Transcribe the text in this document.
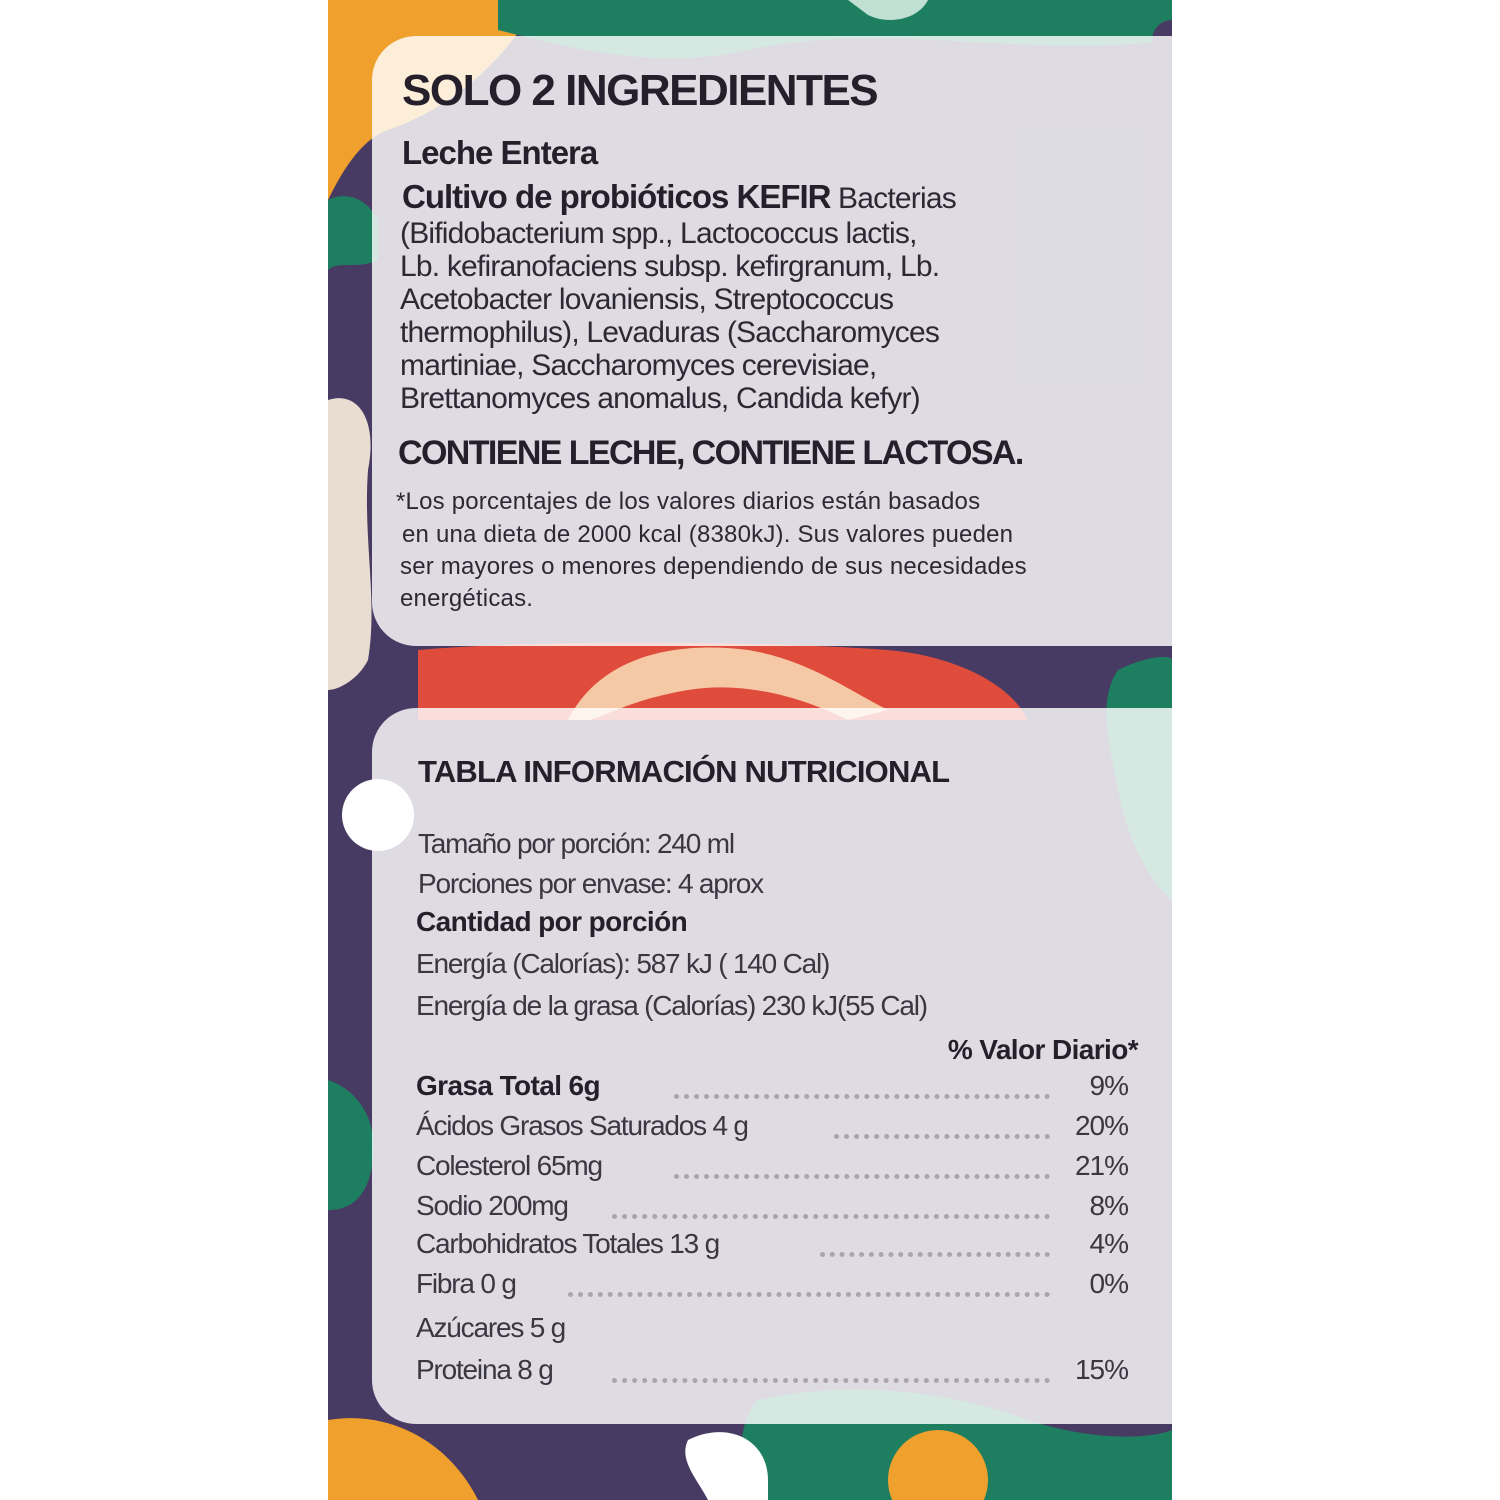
SOLO 2 INGREDIENTES
Leche Entera
Cultivo de probióticos KEFIR Bacterias
(Bifidobacterium spp., Lactococcus lactis,
Lb. kefiranofaciens subsp. kefirgranum, Lb.
Acetobacter lovaniensis, Streptococcus
thermophilus), Levaduras (Saccharomyces
martiniae, Saccharomyces cerevisiae,
Brettanomyces anomalus, Candida kefyr)
CONTIENE LECHE, CONTIENE LACTOSA.
*Los porcentajes de los valores diarios están basados
en una dieta de 2000 kcal (8380kJ). Sus valores pueden
ser mayores o menores dependiendo de sus necesidades
energéticas.
TABLA INFORMACIÓN NUTRICIONAL
Tamaño por porción: 240 ml
Porciones por envase: 4 aprox
Cantidad por porción
Energía (Calorías): 587 kJ ( 140 Cal)
Energía de la grasa (Calorías) 230 kJ(55 Cal)
% Valor Diario*
Grasa Total 6g	9%
Ácidos Grasos Saturados 4 g	20%
Colesterol 65mg	21%
Sodio 200mg	8%
Carbohidratos Totales 13 g	4%
Fibra 0 g	0%
Azúcares 5 g
Proteina 8 g	15%
